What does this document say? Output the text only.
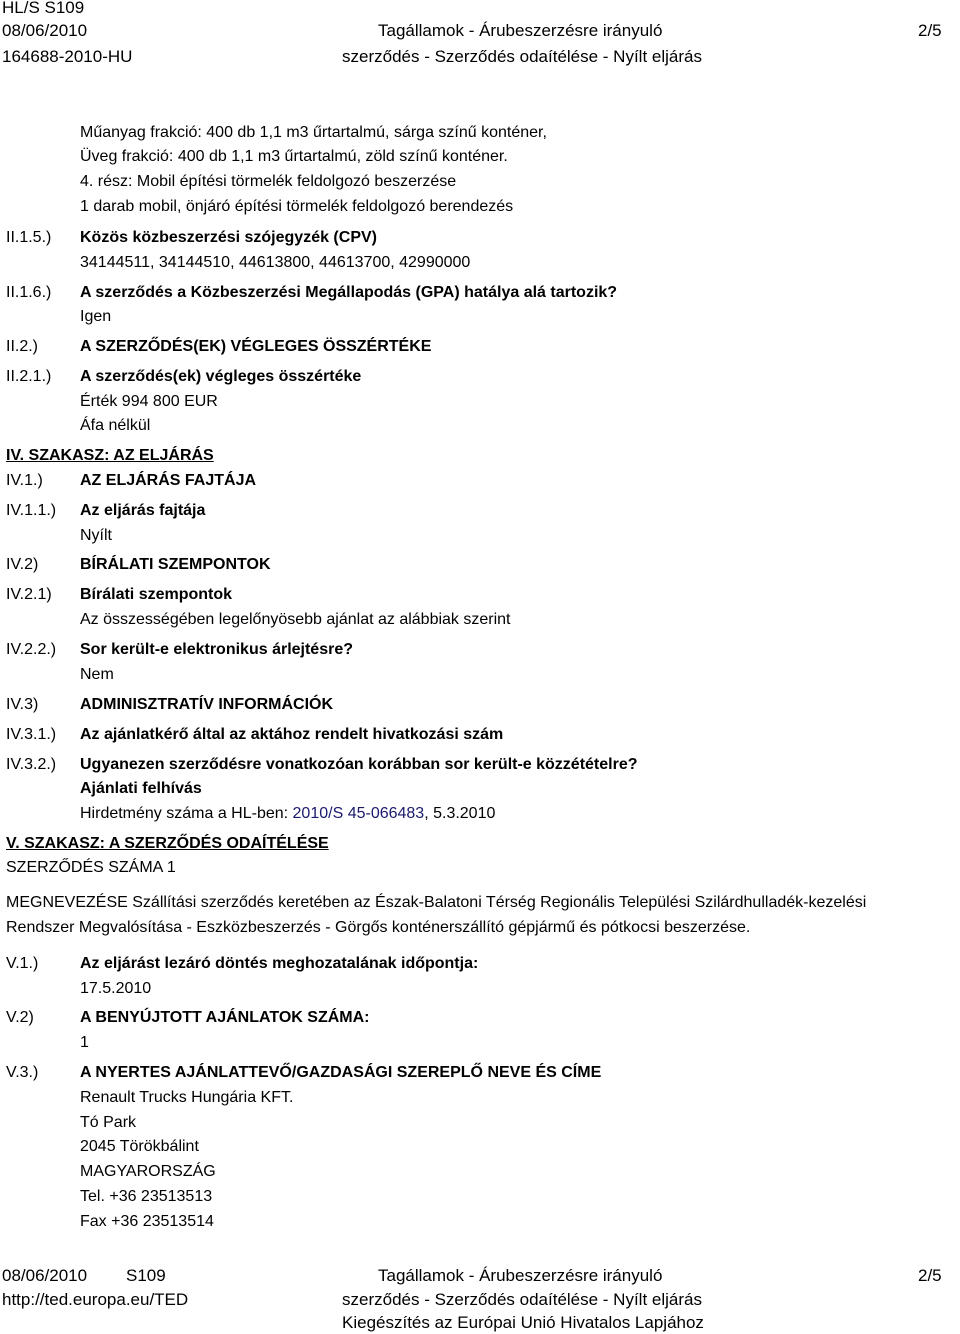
HL/S S109
08/06/2010
164688-2010-HU
Tagállamok - Árubeszerzésre irányuló
szerződés - Szerződés odaítélése - Nyílt eljárás
2/5
Műanyag frakció: 400 db 1,1 m3 űrtartalmú, sárga színű konténer,
Üveg frakció: 400 db 1,1 m3 űrtartalmú, zöld színű konténer.
4. rész: Mobil építési törmelék feldolgozó beszerzése
1 darab mobil, önjáró építési törmelék feldolgozó berendezés
II.1.5.) Közös közbeszerzési szójegyzék (CPV)
34144511, 34144510, 44613800, 44613700, 42990000
II.1.6.) A szerződés a Közbeszerzési Megállapodás (GPA) hatálya alá tartozik?
Igen
II.2.)	A SZERZŐDÉS(EK) VÉGLEGES ÖSSZÉRTÉKE
II.2.1.) A szerződés(ek) végleges összértéke
Érték 994 800 EUR
Áfa nélkül
IV. SZAKASZ: AZ ELJÁRÁS
IV.1.) AZ ELJÁRÁS FAJTÁJA
IV.1.1.) Az eljárás fajtája
Nyílt
IV.2)	BÍRÁLATI SZEMPONTOK
IV.2.1) Bírálati szempontok
Az összességében legelőnyösebb ajánlat az alábbiak szerint
IV.2.2.) Sor került-e elektronikus árlejtésre?
Nem
IV.3)	ADMINISZTRATÍV INFORMÁCIÓK
IV.3.1.) Az ajánlatkérő által az aktához rendelt hivatkozási szám
IV.3.2.) Ugyanezen szerződésre vonatkozóan korábban sor került-e közzétételre?
Ajánlati felhívás
Hirdetmény száma a HL-ben: 2010/S 45-066483, 5.3.2010
V. SZAKASZ: A SZERZŐDÉS ODAÍTÉLÉSE
SZERZŐDÉS SZÁMA 1
MEGNEVEZÉSE Szállítási szerződés keretében az Észak-Balatoni Térség Regionális Települési Szilárdhulladék-kezelési
Rendszer Megvalósítása - Eszközbeszerzés - Görgős konténerszállító gépjármű és pótkocsi beszerzése.
V.1.)	Az eljárást lezáró döntés meghozatalának időpontja:
17.5.2010
V.2)	A BENYÚJTOTT AJÁNLATOK SZÁMA:
1
V.3.)	A NYERTES AJÁNLATTEVŐ/GAZDASÁGI SZEREPLŐ NEVE ÉS CÍME
Renault Trucks Hungária KFT.
Tó Park
2045 Törökbálint
MAGYARORSZÁG
Tel. +36 23513513
Fax +36 23513514
08/06/2010 S109
http://ted.europa.eu/TED
Tagállamok - Árubeszerzésre irányuló
szerződés - Szerződés odaítélése - Nyílt eljárás
Kiegészítés az Európai Unió Hivatalos Lapjához
2/5
